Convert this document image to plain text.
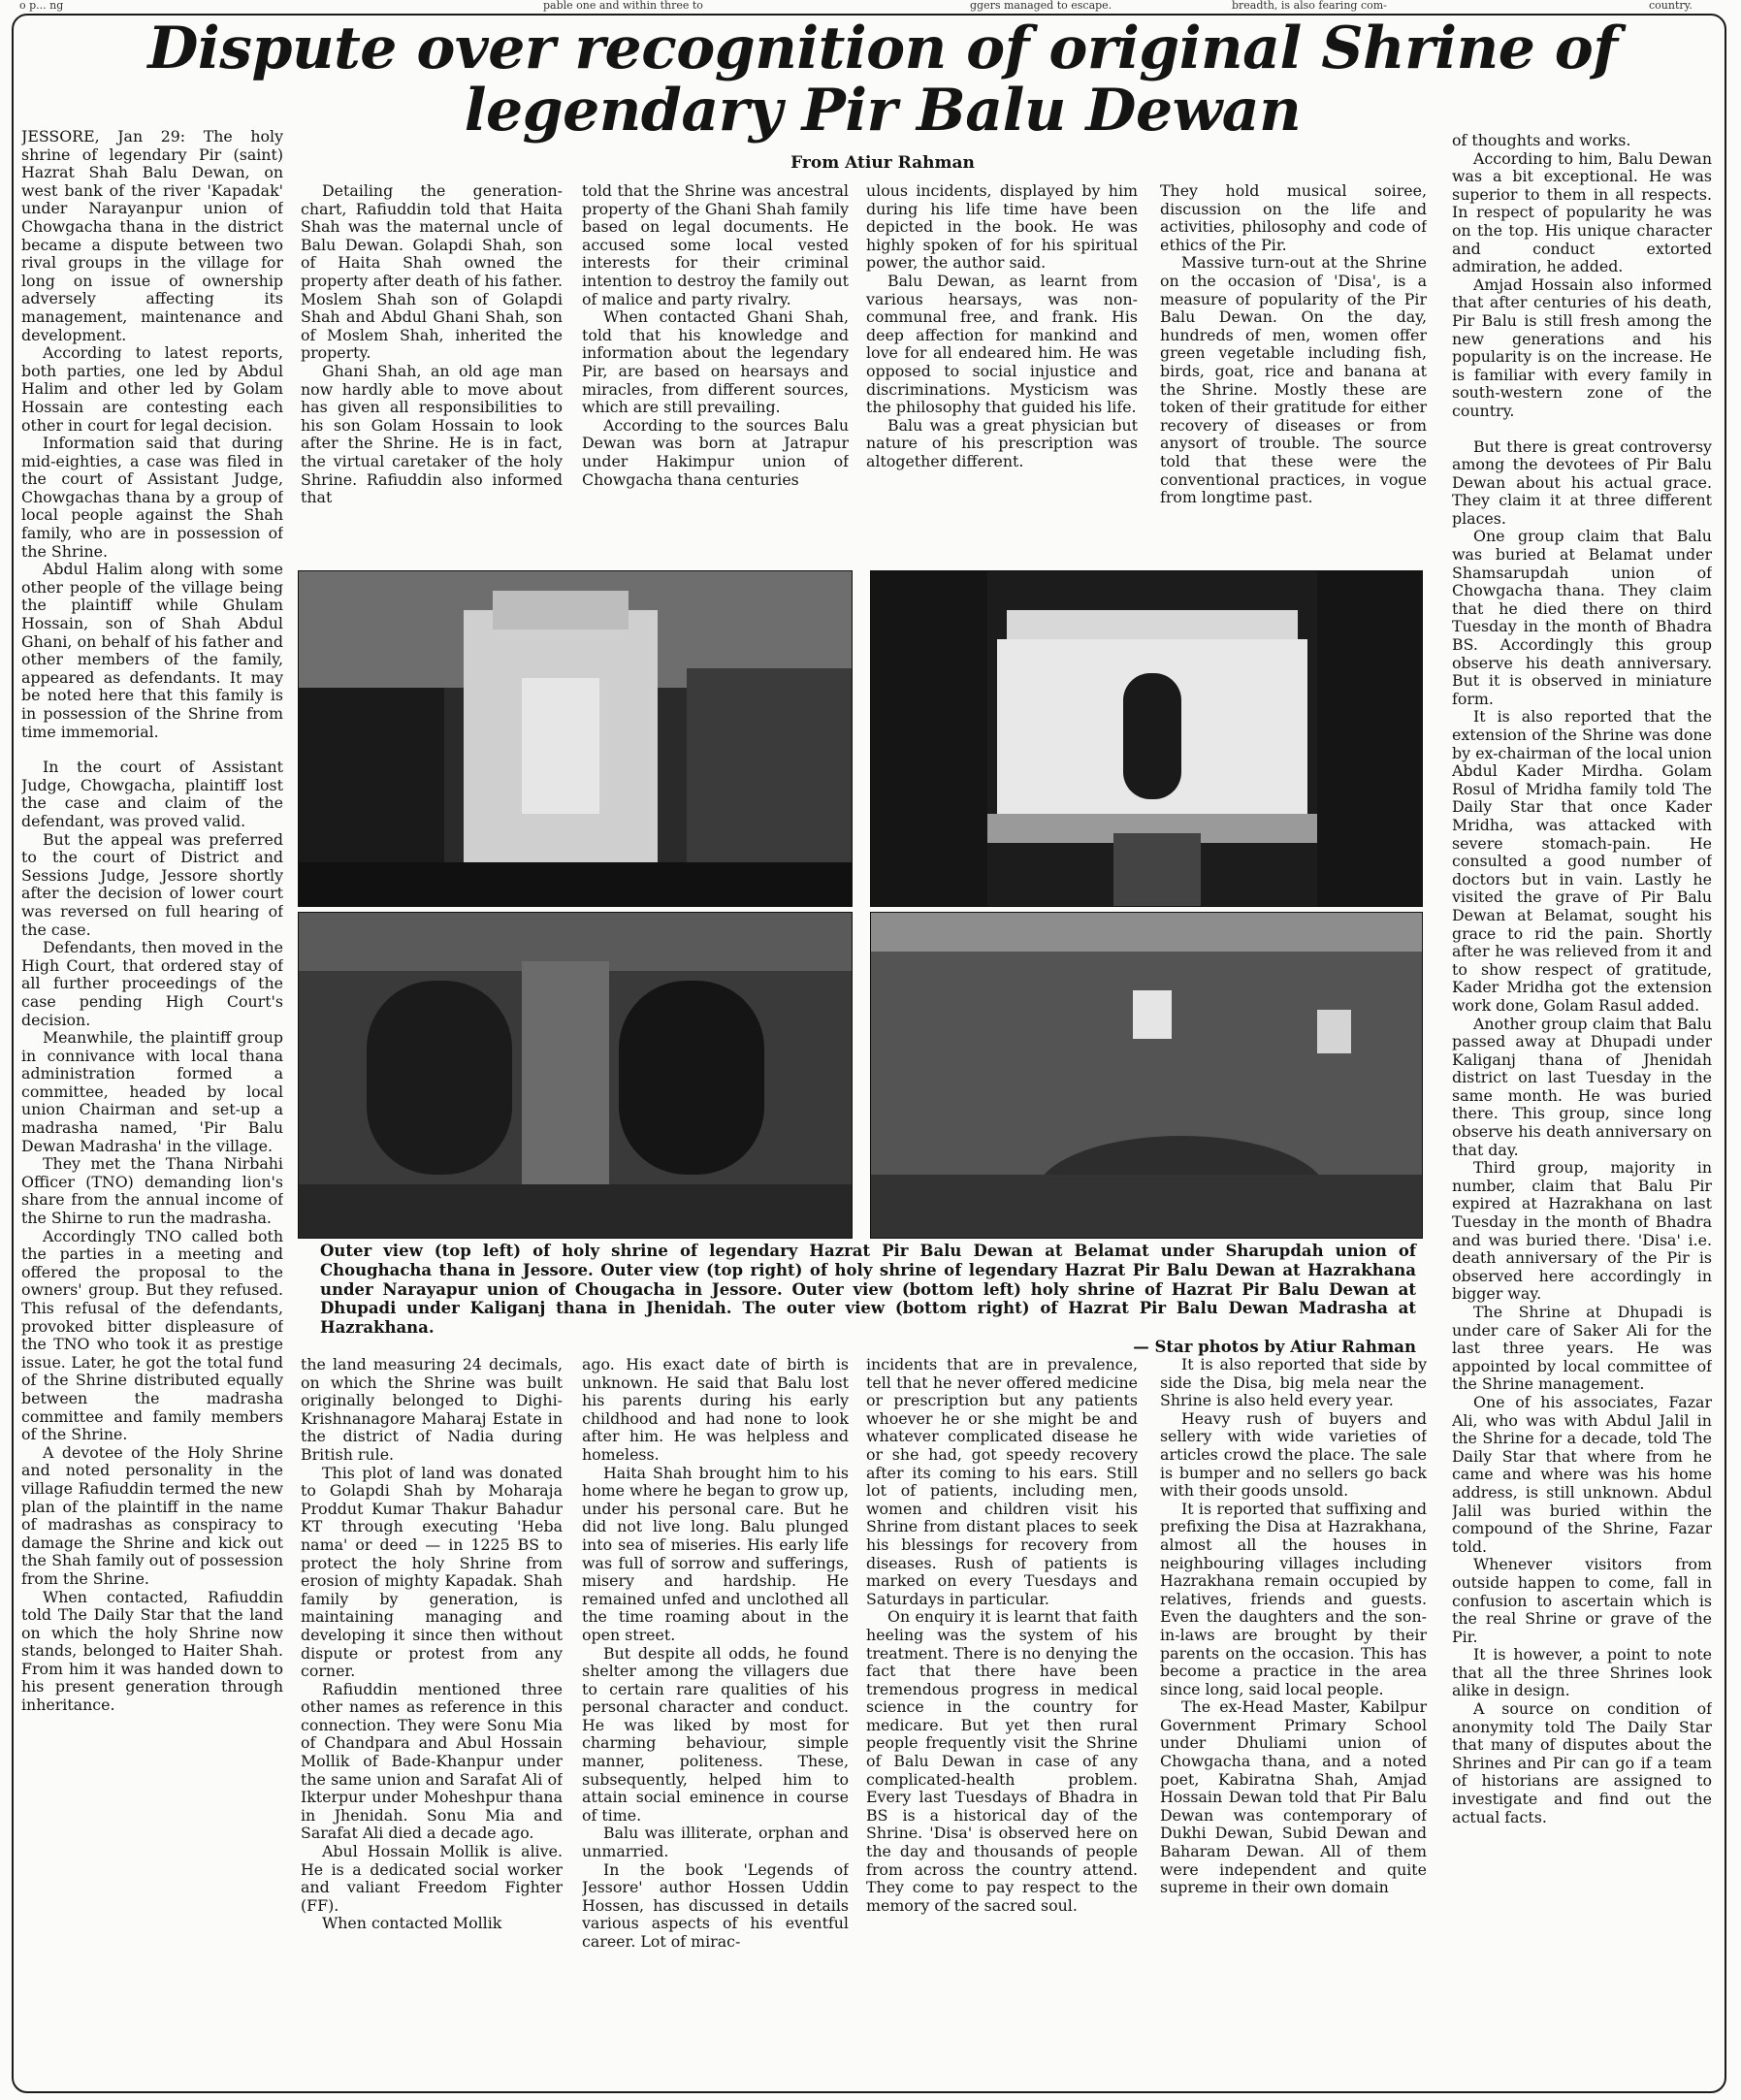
o p... ng	pable one and within three to	ggers managed to escape.	breadth, is also fearing com-	country.
Dispute over recognition of original Shrine of legendary Pir Balu Dewan
From Atiur Rahman

JESSORE, Jan 29: The holy shrine of legendary Pir (saint) Hazrat Shah Balu Dewan, on west bank of the river 'Kapadak' under Narayanpur union of Chowgacha thana in the district became a dispute between two rival groups in the village for long on issue of ownership adversely affecting its management, maintenance and development.

According to latest reports, both parties, one led by Abdul Halim and other led by Golam Hossain are contesting each other in court for legal decision.

Information said that during mid-eighties, a case was filed in the court of Assistant Judge, Chowgachas thana by a group of local people against the Shah family, who are in possession of the Shrine.

Abdul Halim along with some other people of the village being the plaintiff while Ghulam Hossain, son of Shah Abdul Ghani, on behalf of his father and other members of the family, appeared as defendants. It may be noted here that this family is in possession of the Shrine from time immemorial.

In the court of Assistant Judge, Chowgacha, plaintiff lost the case and claim of the defendant, was proved valid.

But the appeal was preferred to the court of District and Sessions Judge, Jessore shortly after the decision of lower court was reversed on full hearing of the case.

Defendants, then moved in the High Court, that ordered stay of all further proceedings of the case pending High Court's decision.

Meanwhile, the plaintiff group in connivance with local thana administration formed a committee, headed by local union Chairman and set-up a madrasha named, 'Pir Balu Dewan Madrasha' in the village.

They met the Thana Nirbahi Officer (TNO) demanding lion's share from the annual income of the Shirne to run the madrasha.

Accordingly TNO called both the parties in a meeting and offered the proposal to the owners' group. But they refused. This refusal of the defendants, provoked bitter displeasure of the TNO who took it as prestige issue. Later, he got the total fund of the Shrine distributed equally between the madrasha committee and family members of the Shrine.

A devotee of the Holy Shrine and noted personality in the village Rafiuddin termed the new plan of the plaintiff in the name of madrashas as conspiracy to damage the Shrine and kick out the Shah family out of possession from the Shrine.

When contacted, Rafiuddin told The Daily Star that the land on which the holy Shrine now stands, belonged to Haiter Shah. From him it was handed down to his present generation through inheritance.

Detailing the generation-chart, Rafiuddin told that Haita Shah was the maternal uncle of Balu Dewan. Golapdi Shah, son of Haita Shah owned the property after death of his father. Moslem Shah son of Golapdi Shah and Abdul Ghani Shah, son of Moslem Shah, inherited the property.

Ghani Shah, an old age man now hardly able to move about has given all responsibilities to his son Golam Hossain to look after the Shrine. He is in fact, the virtual caretaker of the holy Shrine. Rafiuddin also informed that

told that the Shrine was ancestral property of the Ghani Shah family based on legal documents. He accused some local vested interests for their criminal intention to destroy the family out of malice and party rivalry.

When contacted Ghani Shah, told that his knowledge and information about the legendary Pir, are based on hearsays and miracles, from different sources, which are still prevailing.

According to the sources Balu Dewan was born at Jatrapur under Hakimpur union of Chowgacha thana centuries

ulous incidents, displayed by him during his life time have been depicted in the book. He was highly spoken of for his spiritual power, the author said.

Balu Dewan, as learnt from various hearsays, was non-communal free, and frank. His deep affection for mankind and love for all endeared him. He was opposed to social injustice and discriminations. Mysticism was the philosophy that guided his life.

Balu was a great physician but nature of his prescription was altogether different.

They hold musical soiree, discussion on the life and activities, philosophy and code of ethics of the Pir.

Massive turn-out at the Shrine on the occasion of 'Disa', is a measure of popularity of the Pir Balu Dewan. On the day, hundreds of men, women offer green vegetable including fish, birds, goat, rice and banana at the Shrine. Mostly these are token of their gratitude for either recovery of diseases or from anysort of trouble. The source told that these were the conventional practices, in vogue from longtime past.

of thoughts and works.

According to him, Balu Dewan was a bit exceptional. He was superior to them in all respects. In respect of popularity he was on the top. His unique character and conduct extorted admiration, he added.

Amjad Hossain also informed that after centuries of his death, Pir Balu is still fresh among the new generations and his popularity is on the increase. He is familiar with every family in south-western zone of the country.

But there is great controversy among the devotees of Pir Balu Dewan about his actual grace. They claim it at three different places.

One group claim that Balu was buried at Belamat under Shamsarupdah union of Chowgacha thana. They claim that he died there on third Tuesday in the month of Bhadra BS. Accordingly this group observe his death anniversary. But it is observed in miniature form.

It is also reported that the extension of the Shrine was done by ex-chairman of the local union Abdul Kader Mirdha. Golam Rosul of Mridha family told The Daily Star that once Kader Mridha, was attacked with severe stomach-pain. He consulted a good number of doctors but in vain. Lastly he visited the grave of Pir Balu Dewan at Belamat, sought his grace to rid the pain. Shortly after he was relieved from it and to show respect of gratitude, Kader Mridha got the extension work done, Golam Rasul added.

Another group claim that Balu passed away at Dhupadi under Kaliganj thana of Jhenidah district on last Tuesday in the same month. He was buried there. This group, since long observe his death anniversary on that day.

Third group, majority in number, claim that Balu Pir expired at Hazrakhana on last Tuesday in the month of Bhadra and was buried there. 'Disa' i.e. death anniversary of the Pir is observed here accordingly in bigger way.

The Shrine at Dhupadi is under care of Saker Ali for the last three years. He was appointed by local committee of the Shrine management.

One of his associates, Fazar Ali, who was with Abdul Jalil in the Shrine for a decade, told The Daily Star that where from he came and where was his home address, is still unknown. Abdul Jalil was buried within the compound of the Shrine, Fazar told.

Whenever visitors from outside happen to come, fall in confusion to ascertain which is the real Shrine or grave of the Pir.

It is however, a point to note that all the three Shrines look alike in design.

A source on condition of anonymity told The Daily Star that many of disputes about the Shrines and Pir can go if a team of historians are assigned to investigate and find out the actual facts.

Outer view (top left) of holy shrine of legendary Hazrat Pir Balu Dewan at Belamat under Sharupdah union of Choughacha thana in Jessore. Outer view (top right) of holy shrine of legendary Hazrat Pir Balu Dewan at Hazrakhana under Narayapur union of Chougacha in Jessore. Outer view (bottom left) holy shrine of Hazrat Pir Balu Dewan at Dhupadi under Kaliganj thana in Jhenidah. The outer view (bottom right) of Hazrat Pir Balu Dewan Madrasha at Hazrakhana.
— Star photos by Atiur Rahman

the land measuring 24 decimals, on which the Shrine was built originally belonged to Dighi-Krishnanagore Maharaj Estate in the district of Nadia during British rule.

This plot of land was donated to Golapdi Shah by Moharaja Proddut Kumar Thakur Bahadur KT through executing 'Heba nama' or deed — in 1225 BS to protect the holy Shrine from erosion of mighty Kapadak. Shah family by generation, is maintaining managing and developing it since then without dispute or protest from any corner.

Rafiuddin mentioned three other names as reference in this connection. They were Sonu Mia of Chandpara and Abul Hossain Mollik of Bade-Khanpur under the same union and Sarafat Ali of Ikterpur under Moheshpur thana in Jhenidah. Sonu Mia and Sarafat Ali died a decade ago.

Abul Hossain Mollik is alive. He is a dedicated social worker and valiant Freedom Fighter (FF).

When contacted Mollik

ago. His exact date of birth is unknown. He said that Balu lost his parents during his early childhood and had none to look after him. He was helpless and homeless.

Haita Shah brought him to his home where he began to grow up, under his personal care. But he did not live long. Balu plunged into sea of miseries. His early life was full of sorrow and sufferings, misery and hardship. He remained unfed and unclothed all the time roaming about in the open street.

But despite all odds, he found shelter among the villagers due to certain rare qualities of his personal character and conduct. He was liked by most for charming behaviour, simple manner, politeness. These, subsequently, helped him to attain social eminence in course of time.

Balu was illiterate, orphan and unmarried.

In the book 'Legends of Jessore' author Hossen Uddin Hossen, has discussed in details various aspects of his eventful career. Lot of mirac-

incidents that are in prevalence, tell that he never offered medicine or prescription but any patients whoever he or she might be and whatever complicated disease he or she had, got speedy recovery after its coming to his ears. Still lot of patients, including men, women and children visit his Shrine from distant places to seek his blessings for recovery from diseases. Rush of patients is marked on every Tuesdays and Saturdays in particular.

On enquiry it is learnt that faith heeling was the system of his treatment. There is no denying the fact that there have been tremendous progress in medical science in the country for medicare. But yet then rural people frequently visit the Shrine of Balu Dewan in case of any complicated-health problem. Every last Tuesdays of Bhadra in BS is a historical day of the Shrine. 'Disa' is observed here on the day and thousands of people from across the country attend. They come to pay respect to the memory of the sacred soul.

It is also reported that side by side the Disa, big mela near the Shrine is also held every year.

Heavy rush of buyers and sellery with wide varieties of articles crowd the place. The sale is bumper and no sellers go back with their goods unsold.

It is reported that suffixing and prefixing the Disa at Hazrakhana, almost all the houses in neighbouring villages including Hazrakhana remain occupied by relatives, friends and guests. Even the daughters and the son-in-laws are brought by their parents on the occasion. This has become a practice in the area since long, said local people.

The ex-Head Master, Kabilpur Government Primary School under Dhuliami union of Chowgacha thana, and a noted poet, Kabiratna Shah, Amjad Hossain Dewan told that Pir Balu Dewan was contemporary of Dukhi Dewan, Subid Dewan and Baharam Dewan. All of them were independent and quite supreme in their own domain
